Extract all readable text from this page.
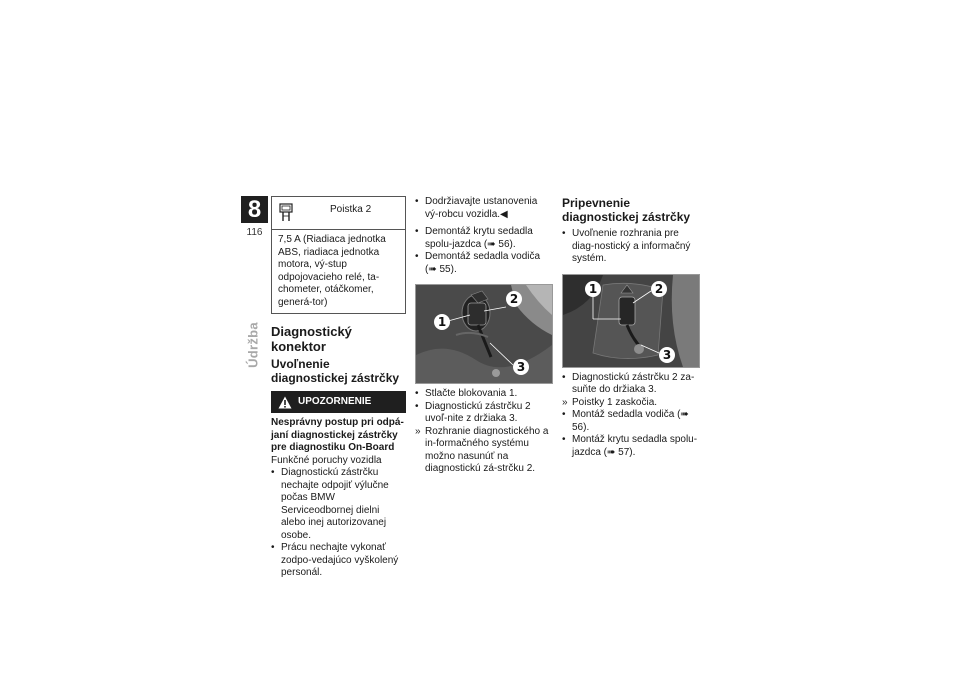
8
116
Údržba
Poistka 2
7,5 A (Riadiaca jednotka ABS, riadiaca jednotka motora, vý-stup odpojovacieho relé, ta-chometer, otáčkomer, generá-tor)
Diagnostický konektor
Uvoľnenie diagnostickej zástrčky
UPOZORNENIE

Nesprávny postup pri odpá-janí diagnostickej zástrčky pre diagnostiku On-Board

Funkčné poruchy vozidla

• Diagnostickú zástrčku nechajte odpojiť výlučne počas BMW Serviceodbornej dielni alebo inej autorizovanej osobe.
• Prácu nechajte vykonať zodpo-vedajúco vyškolený personál.
• Dodržiavajte ustanovenia vý-robcu vozidla.◀
• Demontáž krytu sedadla spolu-jazdca (➠ 56).
• Demontáž sedadla vodiča (➠ 55).
1
2
3
• Stlačte blokovania 1.
• Diagnostickú zástrčku 2 uvoľ-nite z držiaka 3.
» Rozhranie diagnostického a in-formačného systému možno nasunúť na diagnostickú zá-strčku 2.
Pripevnenie diagnostickej zástrčky
• Uvoľnenie rozhrania pre diag-nostický a informačný systém.
1	2
3
• Diagnostickú zástrčku 2 za-suňte do držiaka 3.
» Poistky 1 zaskočia.
• Montáž sedadla vodiča (➠ 56).
• Montáž krytu sedadla spolu-jazdca (➠ 57).
